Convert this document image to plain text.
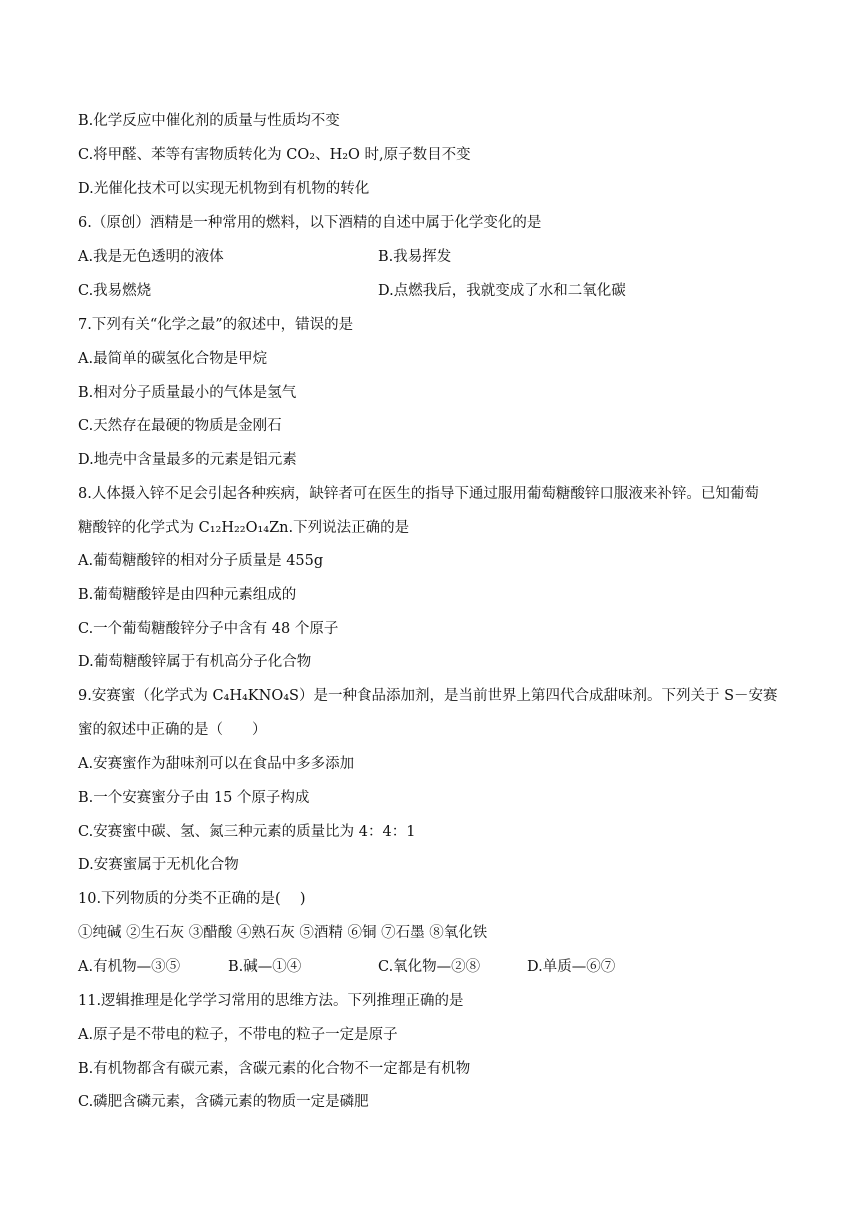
B.化学反应中催化剂的质量与性质均不变
C.将甲醛、苯等有害物质转化为 CO₂、H₂O 时,原子数目不变
D.光催化技术可以实现无机物到有机物的转化
6.（原创）酒精是一种常用的燃料，以下酒精的自述中属于化学变化的是
A.我是无色透明的液体	B.我易挥发
C.我易燃烧	D.点燃我后，我就变成了水和二氧化碳
7.下列有关“化学之最”的叙述中，错误的是
A.最简单的碳氢化合物是甲烷
B.相对分子质量最小的气体是氢气
C.天然存在最硬的物质是金刚石
D.地壳中含量最多的元素是铝元素
8.人体摄入锌不足会引起各种疾病，缺锌者可在医生的指导下通过服用葡萄糖酸锌口服液来补锌。已知葡萄
糖酸锌的化学式为 C₁₂H₂₂O₁₄Zn.下列说法正确的是
A.葡萄糖酸锌的相对分子质量是 455g
B.葡萄糖酸锌是由四种元素组成的
C.一个葡萄糖酸锌分子中含有 48 个原子
D.葡萄糖酸锌属于有机高分子化合物
9.安赛蜜（化学式为 C₄H₄KNO₄S）是一种食品添加剂，是当前世界上第四代合成甜味剂。下列关于 S－安赛
蜜的叙述中正确的是（　　）
A.安赛蜜作为甜味剂可以在食品中多多添加
B.一个安赛蜜分子由 15 个原子构成
C.安赛蜜中碳、氢、氮三种元素的质量比为 4：4：1
D.安赛蜜属于无机化合物
10.下列物质的分类不正确的是(　 )
①纯碱 ②生石灰 ③醋酸 ④熟石灰 ⑤酒精 ⑥铜 ⑦石墨 ⑧氧化铁
A.有机物—③⑤	B.碱—①④	C.氧化物—②⑧	D.单质—⑥⑦
11.逻辑推理是化学学习常用的思维方法。下列推理正确的是
A.原子是不带电的粒子，不带电的粒子一定是原子
B.有机物都含有碳元素，含碳元素的化合物不一定都是有机物
C.磷肥含磷元素，含磷元素的物质一定是磷肥
